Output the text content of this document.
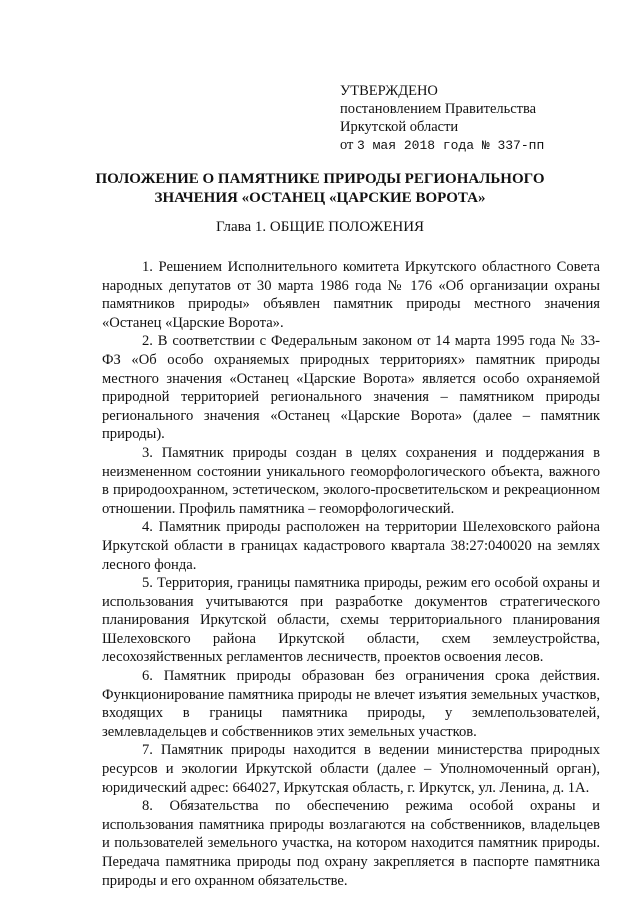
УТВЕРЖДЕНО
постановлением Правительства
Иркутской области
от 3 мая 2018 года № 337-пп
ПОЛОЖЕНИЕ О ПАМЯТНИКЕ ПРИРОДЫ РЕГИОНАЛЬНОГО
ЗНАЧЕНИЯ «ОСТАНЕЦ «ЦАРСКИЕ ВОРОТА»
Глава 1. ОБЩИЕ ПОЛОЖЕНИЯ

1. Решением Исполнительного комитета Иркутского областного Совета народных депутатов от 30 марта 1986 года № 176 «Об организации охраны памятников природы» объявлен памятник природы местного значения «Останец «Царские Ворота».

2. В соответствии с Федеральным законом от 14 марта 1995 года № 33-ФЗ «Об особо охраняемых природных территориях» памятник природы местного значения «Останец «Царские Ворота» является особо охраняемой природной территорией регионального значения – памятником природы регионального значения «Останец «Царские Ворота» (далее – памятник природы).

3. Памятник природы создан в целях сохранения и поддержания в неизмененном состоянии уникального геоморфологического объекта, важного в природоохранном, эстетическом, эколого-просветительском и рекреационном отношении. Профиль памятника – геоморфологический.

4. Памятник природы расположен на территории Шелеховского района Иркутской области в границах кадастрового квартала 38:27:040020 на землях лесного фонда.

5. Территория, границы памятника природы, режим его особой охраны и использования учитываются при разработке документов стратегического планирования Иркутской области, схемы территориального планирования Шелеховского района Иркутской области, схем землеустройства, лесохозяйственных регламентов лесничеств, проектов освоения лесов.

6. Памятник природы образован без ограничения срока действия. Функционирование памятника природы не влечет изъятия земельных участков, входящих в границы памятника природы, у землепользователей, землевладельцев и собственников этих земельных участков.

7. Памятник природы находится в ведении министерства природных ресурсов и экологии Иркутской области (далее – Уполномоченный орган), юридический адрес: 664027, Иркутская область, г. Иркутск, ул. Ленина, д. 1А.

8. Обязательства по обеспечению режима особой охраны и использования памятника природы возлагаются на собственников, владельцев и пользователей земельного участка, на котором находится памятник природы. Передача памятника природы под охрану закрепляется в паспорте памятника природы и его охранном обязательстве.
